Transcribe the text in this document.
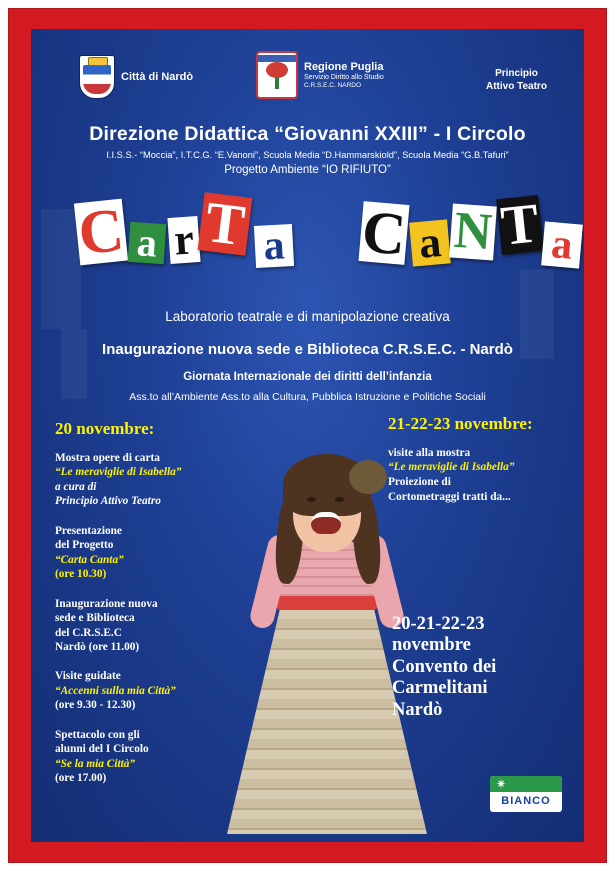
Città di Nardò
Regione Puglia
Servizio Diritto allo Studio
C.R.S.E.C. NARDO
Principio
Attivo Teatro
Direzione Didattica “Giovanni XXIII” - I Circolo
I.I.S.S.- “Moccia”, I.T.C.G. “E.Vanoni”, Scuola Media “D.Hammarskiold”, Scuola Media “G.B.Tafuri”
Progetto Ambiente “IO RIFIUTO”
C a r T a C a N T a
Laboratorio teatrale e di manipolazione creativa
Inaugurazione nuova sede e Biblioteca C.R.S.E.C. - Nardò
Giornata Internazionale dei diritti dell’infanzia
Ass.to all’Ambiente Ass.to alla Cultura, Pubblica Istruzione e Politiche Sociali
20 novembre:
Mostra opere di carta
“Le meraviglie di Isabella”
a cura di
Principio Attivo Teatro
Presentazione
del Progetto
“Carta Canta”
(ore 10.30)
Inaugurazione nuova
sede e Biblioteca
del C.R.S.E.C
Nardò (ore 11.00)
Visite guidate
“Accenni sulla mia Città”
(ore 9.30 - 12.30)
Spettacolo con gli
alunni del I Circolo
“Se la mia Città”
(ore 17.00)
21-22-23 novembre:
visite alla mostra
“Le meraviglie di Isabella”
Proiezione di
Cortometraggi tratti da...
20-21-22-23
novembre
Convento dei
Carmelitani
Nardò
✷
BIANCO
